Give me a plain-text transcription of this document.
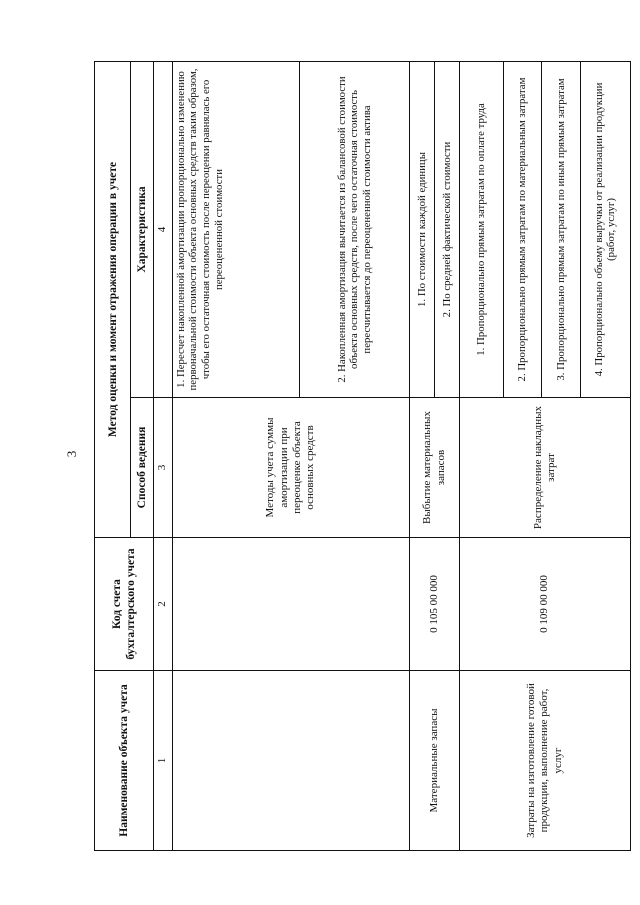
3
Наименование объекта учета	Код счета бухгалтерского учета	Метод оценки и момент отражения операции в учете	
		Способ ведения	Характеристика
1	2	3	4
		Методы учета суммы амортизации при переоценке объекта основных средств	1. Пересчет накопленной амортизации пропорционально изменению первоначальной стоимости объекта основных средств таким образом, чтобы его остаточная стоимость после переоценки равнялась его переоцененной стоимости
			2. Накопленная амортизация вычитается из балансовой стоимости объекта основных средств, после чего остаточная стоимость пересчитывается до переоцененной стоимости актива
Материальные запасы	0 105 00 000	Выбытие материальных запасов	1. По стоимости каждой единицы
			2. По средней фактической стоимости
Затраты на изготовление готовой продукции, выполнение работ, услуг	0 109 00 000	Распределение накладных затрат	1. Пропорционально прямым затратам по оплате труда
			2. Пропорционально прямым затратам по материальным затратам
			3. Пропорционально прямым затратам по иным прямым затратам
			4. Пропорционально объему выручки от реализации продукции (работ, услуг)
